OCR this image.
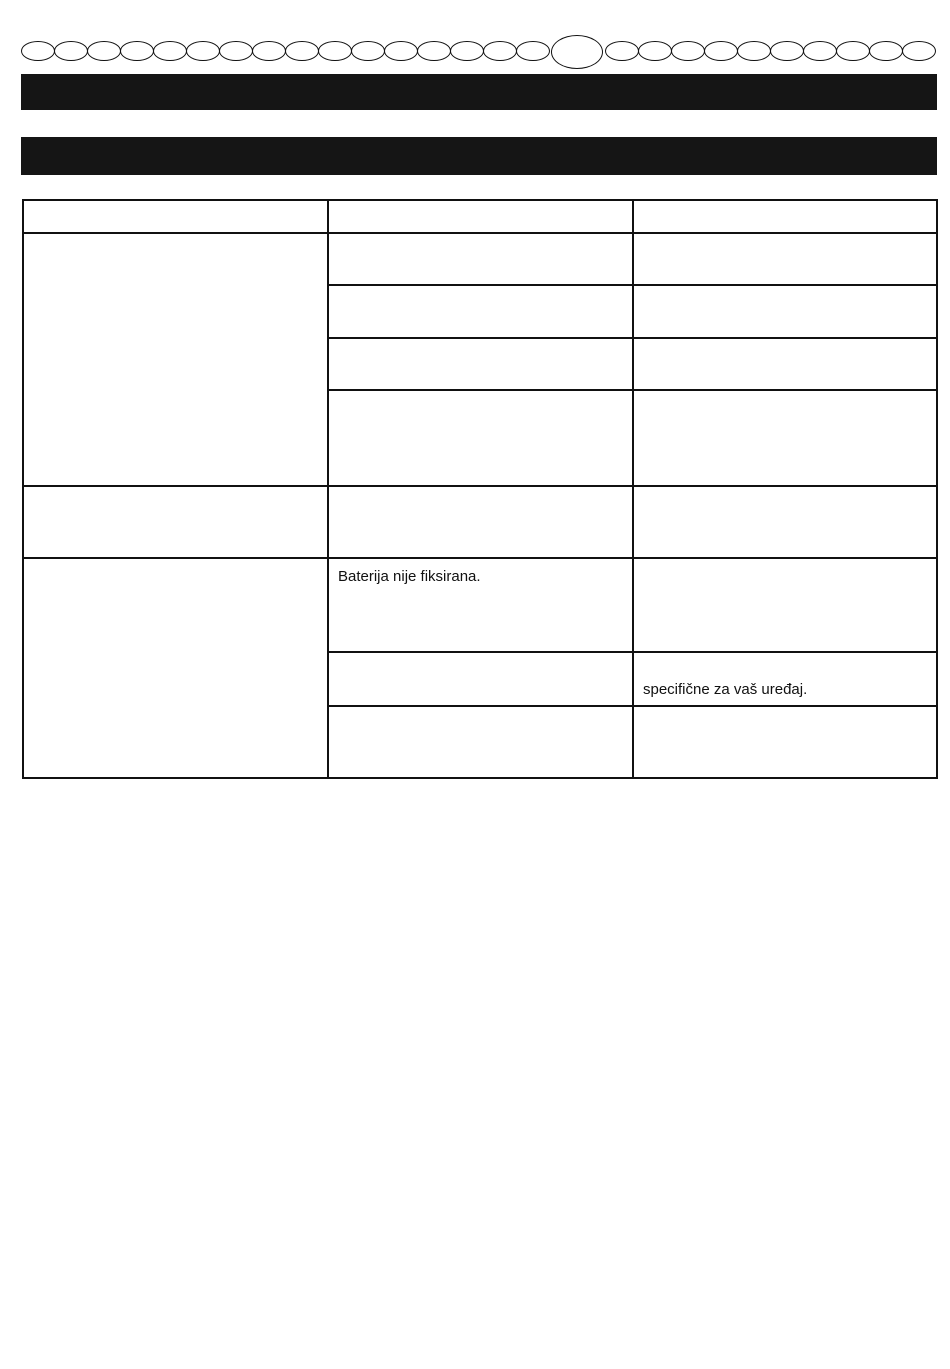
Baterija nije fiksirana.
specifične za vaš uređaj.
